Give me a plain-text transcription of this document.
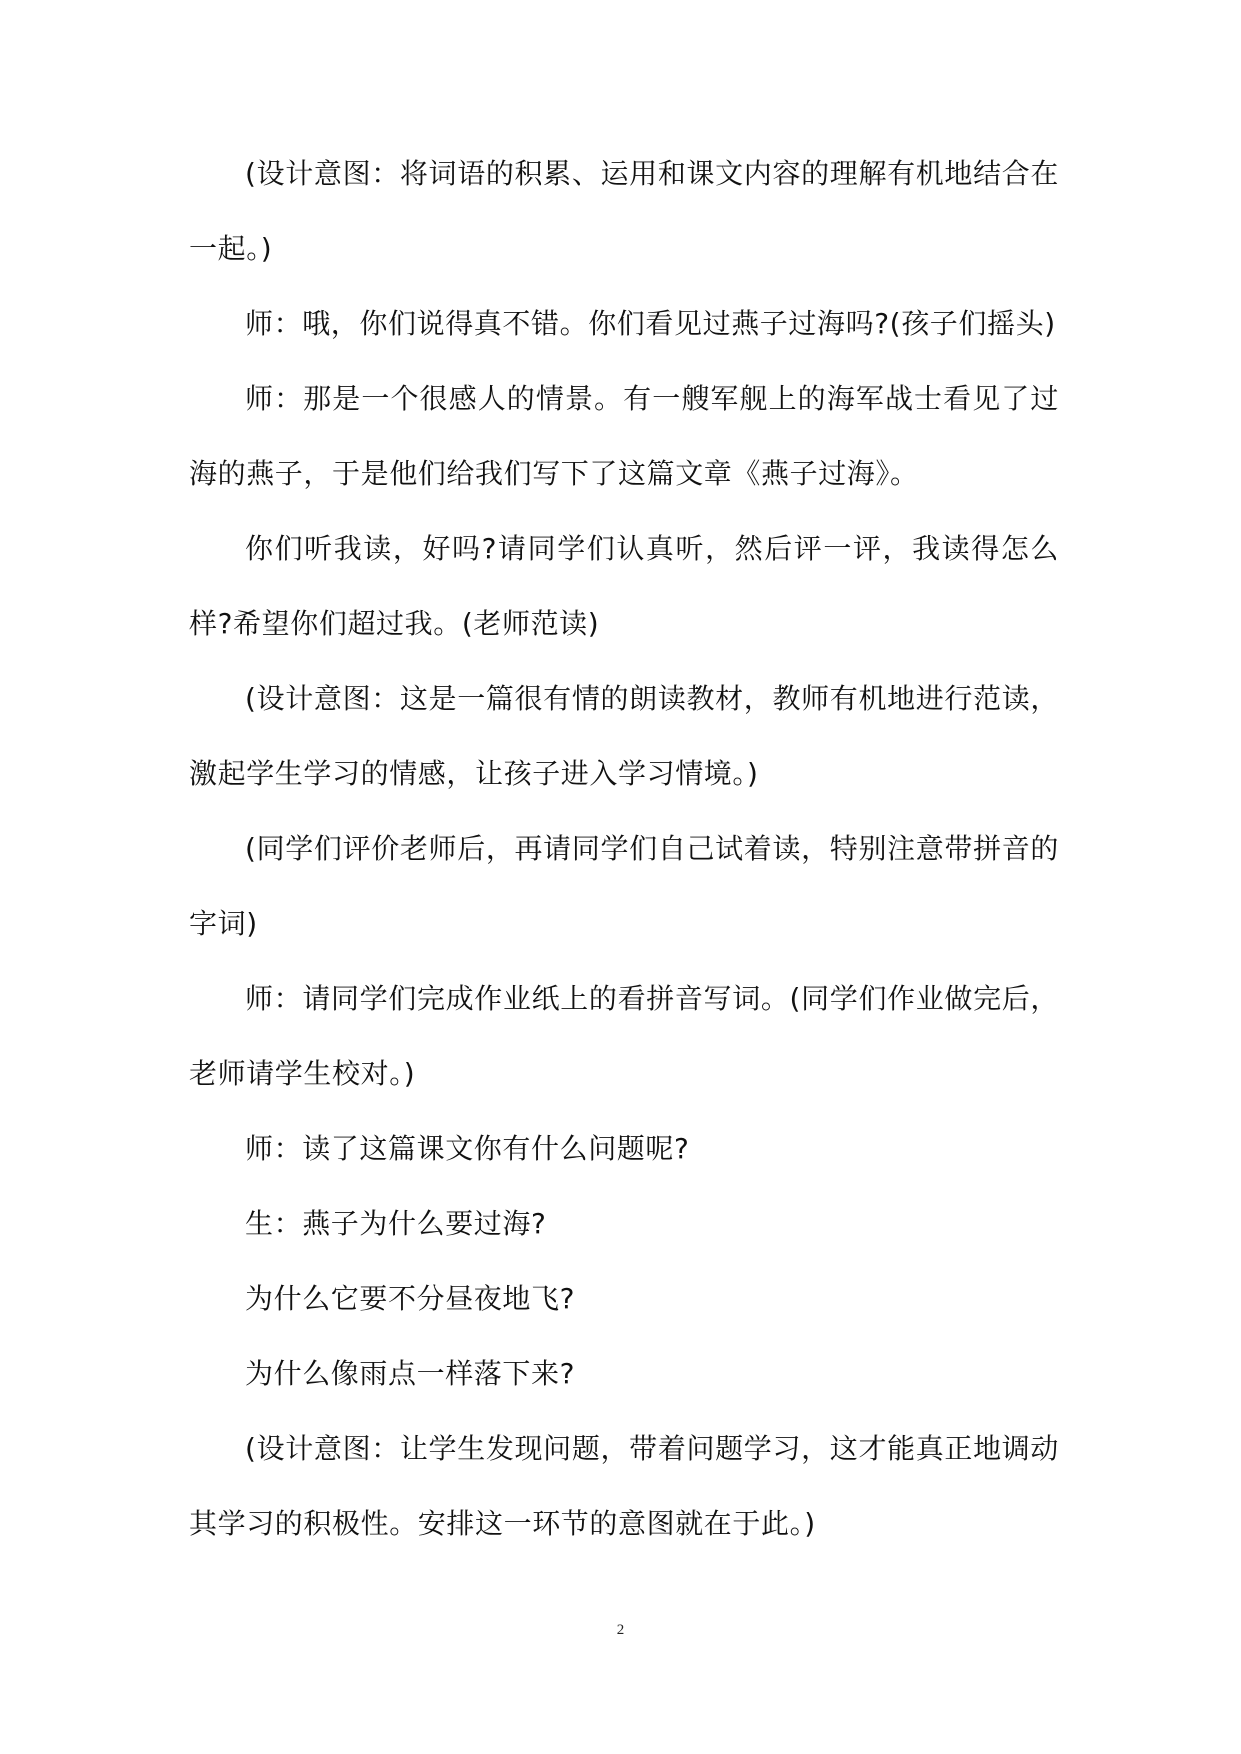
(设计意图：将词语的积累、运用和课文内容的理解有机地结合在一起。)

师：哦，你们说得真不错。你们看见过燕子过海吗?(孩子们摇头)

师：那是一个很感人的情景。有一艘军舰上的海军战士看见了过海的燕子，于是他们给我们写下了这篇文章《燕子过海》。

你们听我读，好吗?请同学们认真听，然后评一评，我读得怎么样?希望你们超过我。(老师范读)

(设计意图：这是一篇很有情的朗读教材，教师有机地进行范读，激起学生学习的情感，让孩子进入学习情境。)

(同学们评价老师后，再请同学们自己试着读，特别注意带拼音的字词)

师：请同学们完成作业纸上的看拼音写词。(同学们作业做完后，老师请学生校对。)

师：读了这篇课文你有什么问题呢?

生：燕子为什么要过海?

为什么它要不分昼夜地飞?

为什么像雨点一样落下来?

(设计意图：让学生发现问题，带着问题学习，这才能真正地调动其学习的积极性。安排这一环节的意图就在于此。)

2
